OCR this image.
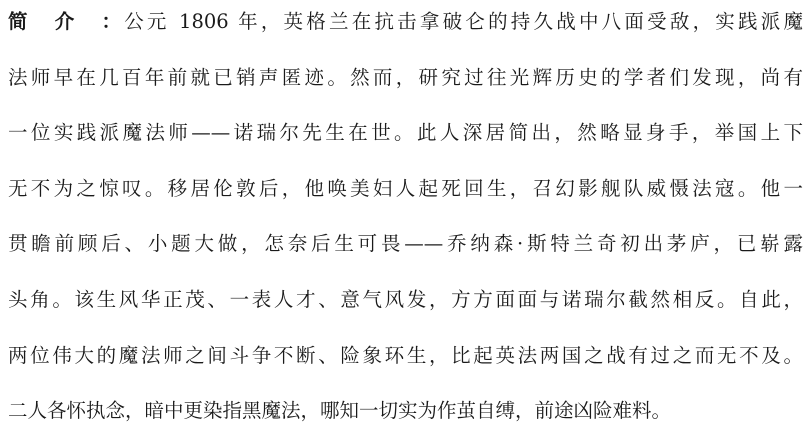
简介：公元 1806 年，英格兰在抗击拿破仑的持久战中八面受敌，实践派魔
法师早在几百年前就已销声匿迹。然而，研究过往光辉历史的学者们发现，尚有
一位实践派魔法师——诺瑞尔先生在世。此人深居简出，然略显身手，举国上下
无不为之惊叹。移居伦敦后，他唤美妇人起死回生，召幻影舰队威慑法寇。他一
贯瞻前顾后、小题大做，怎奈后生可畏——乔纳森·斯特兰奇初出茅庐，已崭露
头角。该生风华正茂、一表人才、意气风发，方方面面与诺瑞尔截然相反。自此，
两位伟大的魔法师之间斗争不断、险象环生，比起英法两国之战有过之而无不及。
二人各怀执念，暗中更染指黑魔法，哪知一切实为作茧自缚，前途凶险难料。
